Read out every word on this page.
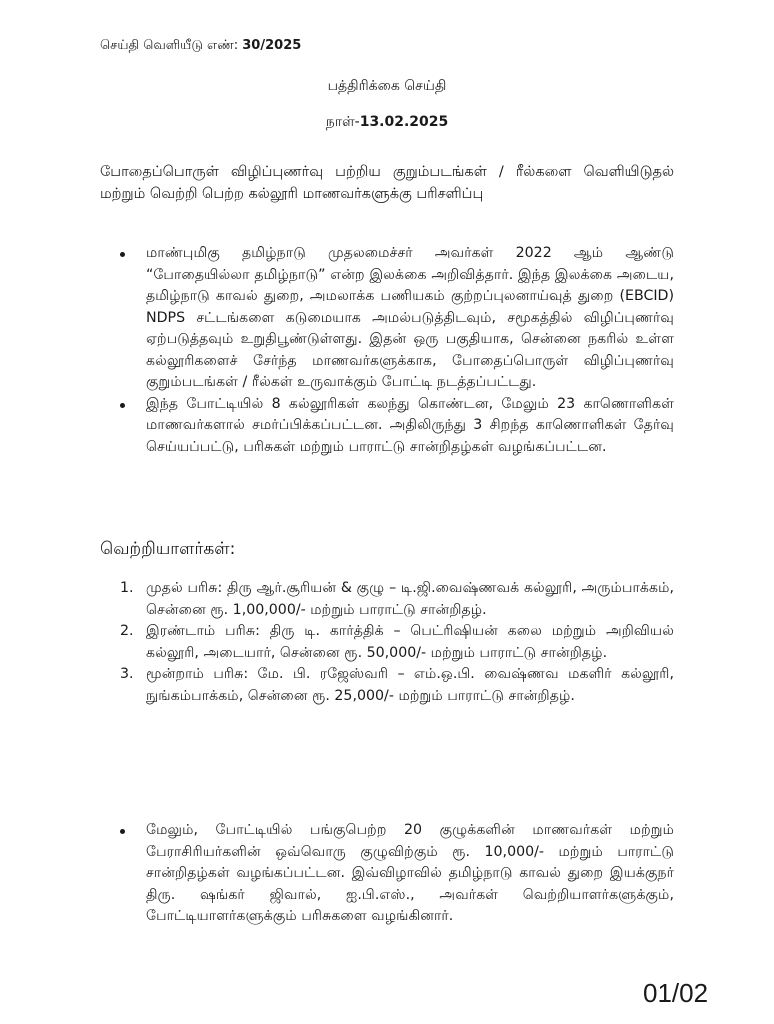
செய்தி வெளியீடு எண்: 30/2025
பத்திரிக்கை செய்தி
நாள்-13.02.2025
போதைப்பொருள் விழிப்புணர்வு பற்றிய குறும்படங்கள் / ரீல்களை வெளியிடுதல் மற்றும் வெற்றி பெற்ற கல்லூரி மாணவர்களுக்கு பரிசளிப்பு
மாண்புமிகு தமிழ்நாடு முதலமைச்சர் அவர்கள் 2022 ஆம் ஆண்டு “போதையில்லா தமிழ்நாடு” என்ற இலக்கை அறிவித்தார். இந்த இலக்கை அடைய, தமிழ்நாடு காவல் துறை, அமலாக்க பணியகம் குற்றப்புலனாய்வுத் துறை (EBCID) NDPS சட்டங்களை கடுமையாக அமல்படுத்திடவும், சமூகத்தில் விழிப்புணர்வு ஏற்படுத்தவும் உறுதிபூண்டுள்ளது. இதன் ஒரு பகுதியாக, சென்னை நகரில் உள்ள கல்லூரிகளைச் சேர்ந்த மாணவர்களுக்காக, போதைப்பொருள் விழிப்புணர்வு குறும்படங்கள் / ரீல்கள் உருவாக்கும் போட்டி நடத்தப்பட்டது.
இந்த போட்டியில் 8 கல்லூரிகள் கலந்து கொண்டன, மேலும் 23 காணொளிகள் மாணவர்களால் சமர்ப்பிக்கப்பட்டன. அதிலிருந்து 3 சிறந்த காணொளிகள் தேர்வு செய்யப்பட்டு, பரிசுகள் மற்றும் பாராட்டு சான்றிதழ்கள் வழங்கப்பட்டன.
வெற்றியாளர்கள்:
1. முதல் பரிசு: திரு ஆர்.சூரியன் & குழு – டி.ஜி.வைஷ்ணவக் கல்லூரி, அரும்பாக்கம், சென்னை ரூ. 1,00,000/- மற்றும் பாராட்டு சான்றிதழ்.
2. இரண்டாம் பரிசு: திரு டி. கார்த்திக் – பெட்ரிஷியன் கலை மற்றும் அறிவியல் கல்லூரி, அடையார், சென்னை ரூ. 50,000/- மற்றும் பாராட்டு சான்றிதழ்.
3. மூன்றாம் பரிசு: மே. பி. ரஜேஸ்வரி – எம்.ஒ.பி. வைஷ்ணவ மகளிர் கல்லூரி, நுங்கம்பாக்கம், சென்னை ரூ. 25,000/- மற்றும் பாராட்டு சான்றிதழ்.
மேலும், போட்டியில் பங்குபெற்ற 20 குழுக்களின் மாணவர்கள் மற்றும் பேராசிரியர்களின் ஒவ்வொரு குழுவிற்கும் ரூ. 10,000/- மற்றும் பாராட்டு சான்றிதழ்கள் வழங்கப்பட்டன. இவ்விழாவில் தமிழ்நாடு காவல் துறை இயக்குநர் திரு. ஷங்கர் ஜிவால், ஐ.பி.எஸ்., அவர்கள் வெற்றியாளர்களுக்கும், போட்டியாளர்களுக்கும் பரிசுகளை வழங்கினார்.
01/02
